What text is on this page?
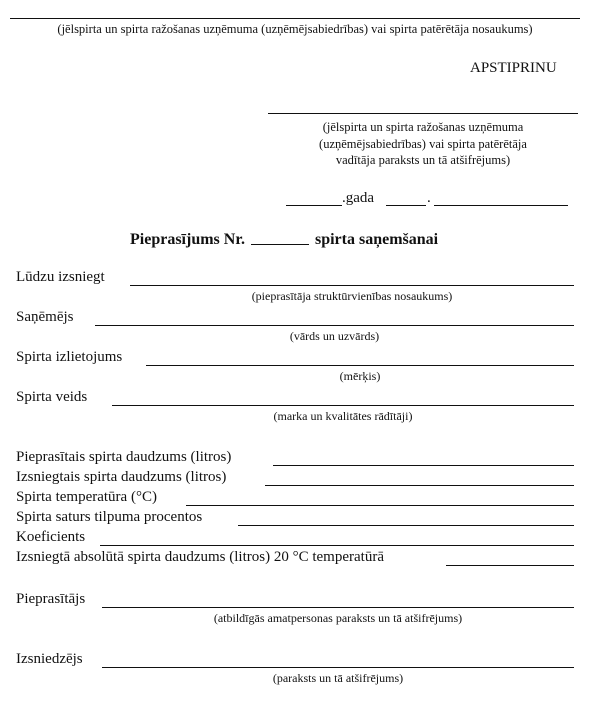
(jēlspirta un spirta ražošanas uzņēmuma (uzņēmējsabiedrības) vai spirta patērētāja nosaukums)
APSTIPRINU
(jēlspirta un spirta ražošanas uzņēmuma
(uzņēmējsabiedrības) vai spirta patērētāja
vadītāja paraksts un tā atšifrējums)
.gada	.
Pieprasījums Nr.	spirta saņemšanai
Lūdzu izsniegt
(pieprasītāja struktūrvienības nosaukums)
Saņēmējs
(vārds un uzvārds)
Spirta izlietojums
(mērķis)
Spirta veids
(marka un kvalitātes rādītāji)
Pieprasītais spirta daudzums (litros)
Izsniegtais spirta daudzums (litros)
Spirta temperatūra (°C)
Spirta saturs tilpuma procentos
Koeficients
Izsniegtā absolūtā spirta daudzums (litros) 20 °C temperatūrā
Pieprasītājs
(atbildīgās amatpersonas paraksts un tā atšifrējums)
Izsniedzējs
(paraksts un tā atšifrējums)
